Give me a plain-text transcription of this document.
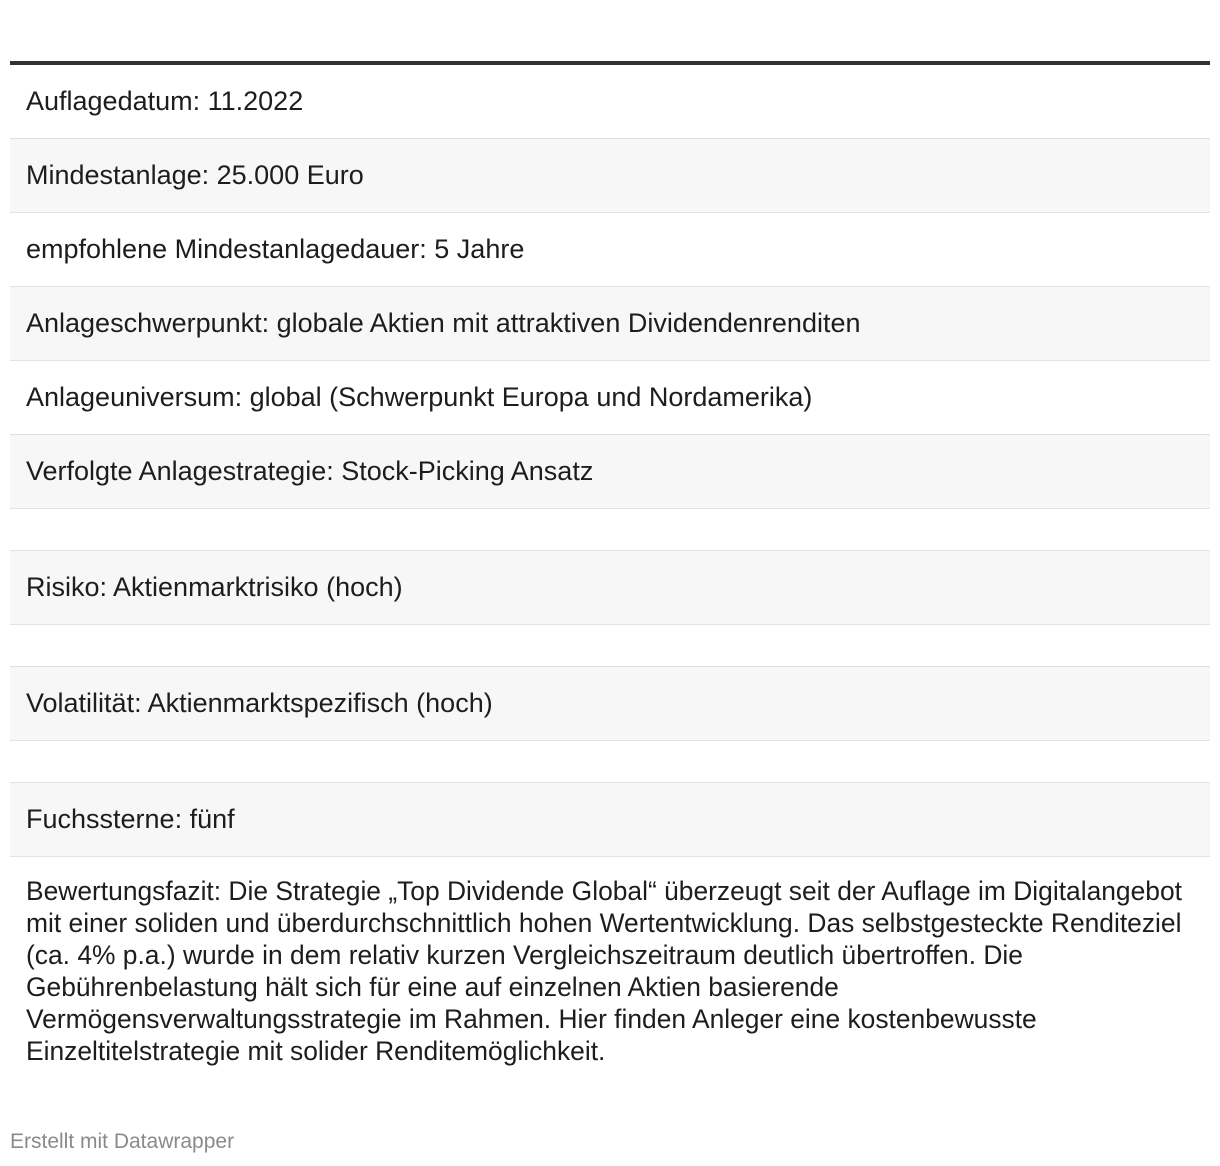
Auflagedatum: 11.2022
Mindestanlage: 25.000 Euro
empfohlene Mindestanlagedauer: 5 Jahre
Anlageschwerpunkt: globale Aktien mit attraktiven Dividendenrenditen
Anlageuniversum: global (Schwerpunkt Europa und Nordamerika)
Verfolgte Anlagestrategie: Stock-Picking Ansatz
Risiko: Aktienmarktrisiko (hoch)
Volatilität: Aktienmarktspezifisch (hoch)
Fuchssterne: fünf
Bewertungsfazit: Die Strategie „Top Dividende Global“ überzeugt seit der Auflage im Digitalangebot mit einer soliden und überdurchschnittlich hohen Wertentwicklung. Das selbstgesteckte Renditeziel (ca. 4% p.a.) wurde in dem relativ kurzen Vergleichszeitraum deutlich übertroffen. Die Gebührenbelastung hält sich für eine auf einzelnen Aktien basierende Vermögensverwaltungsstrategie im Rahmen. Hier finden Anleger eine kostenbewusste Einzeltitelstrategie mit solider Renditemöglichkeit.
Erstellt mit Datawrapper
